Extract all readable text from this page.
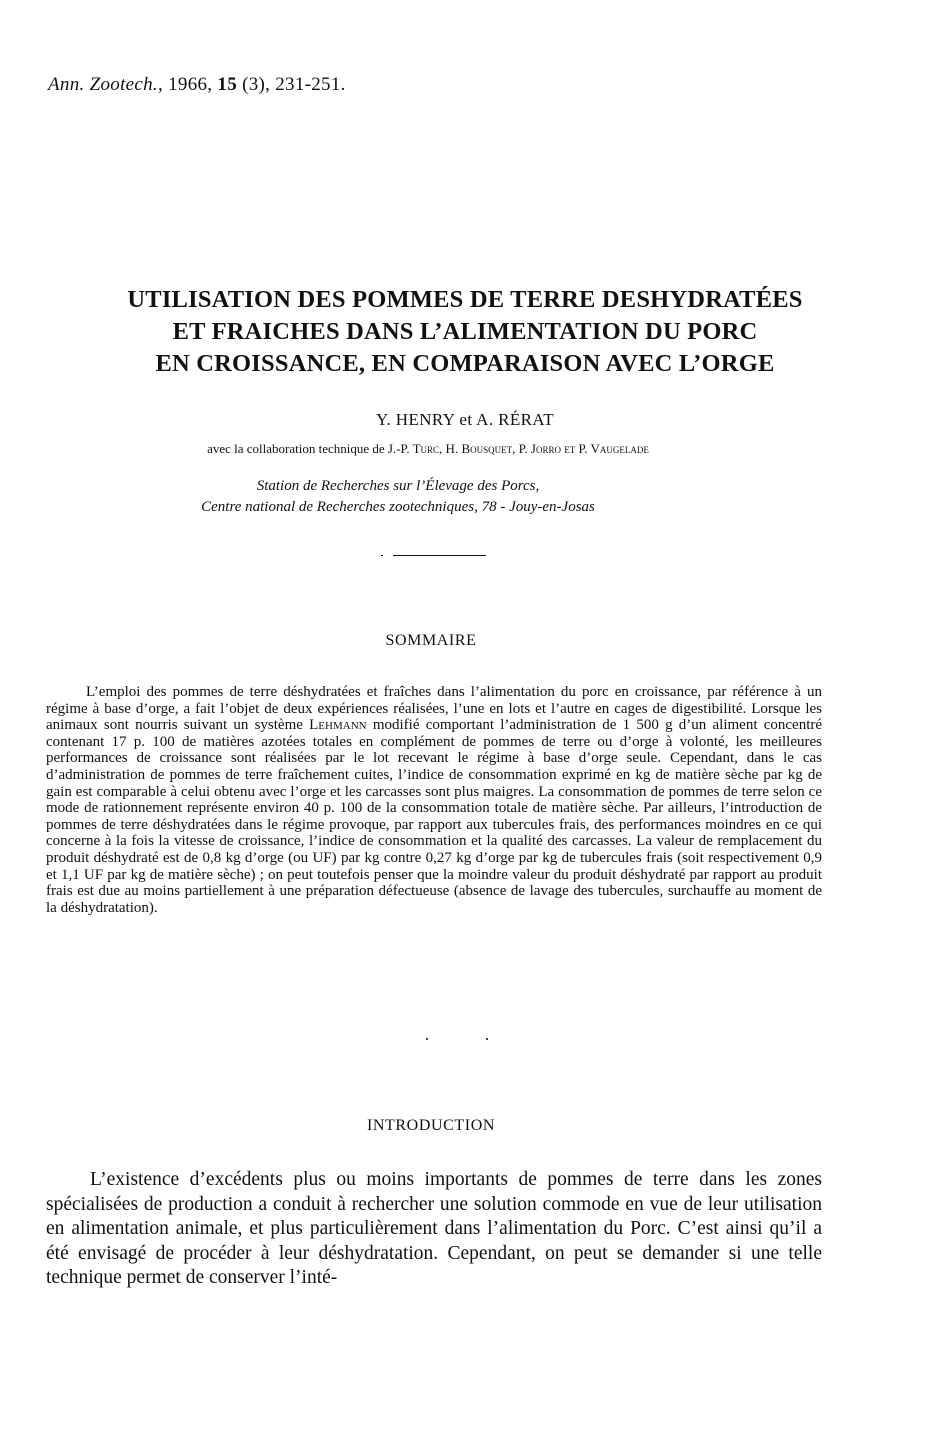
Ann. Zootech., 1966, 15 (3), 231-251.
UTILISATION DES POMMES DE TERRE DESHYDRATÉES
ET FRAICHES DANS L’ALIMENTATION DU PORC
EN CROISSANCE, EN COMPARAISON AVEC L’ORGE
Y. HENRY et A. RÉRAT
avec la collaboration technique de J.-P. Turc, H. Bousquet, P. Jorro et P. Vaugelade
Station de Recherches sur l’Élevage des Porcs,
Centre national de Recherches zootechniques, 78 - Jouy-en-Josas
SOMMAIRE

L’emploi des pommes de terre déshydratées et fraîches dans l’alimentation du porc en croissance, par référence à un régime à base d’orge, a fait l’objet de deux expériences réalisées, l’une en lots et l’autre en cages de digestibilité. Lorsque les animaux sont nourris suivant un système Lehmann modifié comportant l’administration de 1 500 g d’un aliment concentré contenant 17 p. 100 de matières azotées totales en complément de pommes de terre ou d’orge à volonté, les meilleures performances de croissance sont réalisées par le lot recevant le régime à base d’orge seule. Cependant, dans le cas d’administration de pommes de terre fraîchement cuites, l’indice de consommation exprimé en kg de matière sèche par kg de gain est comparable à celui obtenu avec l’orge et les carcasses sont plus maigres. La consommation de pommes de terre selon ce mode de rationnement représente environ 40 p. 100 de la consommation totale de matière sèche. Par ailleurs, l’introduction de pommes de terre déshydratées dans le régime provoque, par rapport aux tubercules frais, des performances moindres en ce qui concerne à la fois la vitesse de croissance, l’indice de consommation et la qualité des carcasses. La valeur de remplacement du produit déshydraté est de 0,8 kg d’orge (ou UF) par kg contre 0,27 kg d’orge par kg de tubercules frais (soit respectivement 0,9 et 1,1 UF par kg de matière sèche) ; on peut toutefois penser que la moindre valeur du produit déshydraté par rapport au produit frais est due au moins partiellement à une préparation défectueuse (absence de lavage des tubercules, surchauffe au moment de la déshydratation).

INTRODUCTION

L’existence d’excédents plus ou moins importants de pommes de terre dans les zones spécialisées de production a conduit à rechercher une solution commode en vue de leur utilisation en alimentation animale, et plus particulièrement dans l’alimentation du Porc. C’est ainsi qu’il a été envisagé de procéder à leur déshydratation. Cependant, on peut se demander si une telle technique permet de conserver l’inté-
